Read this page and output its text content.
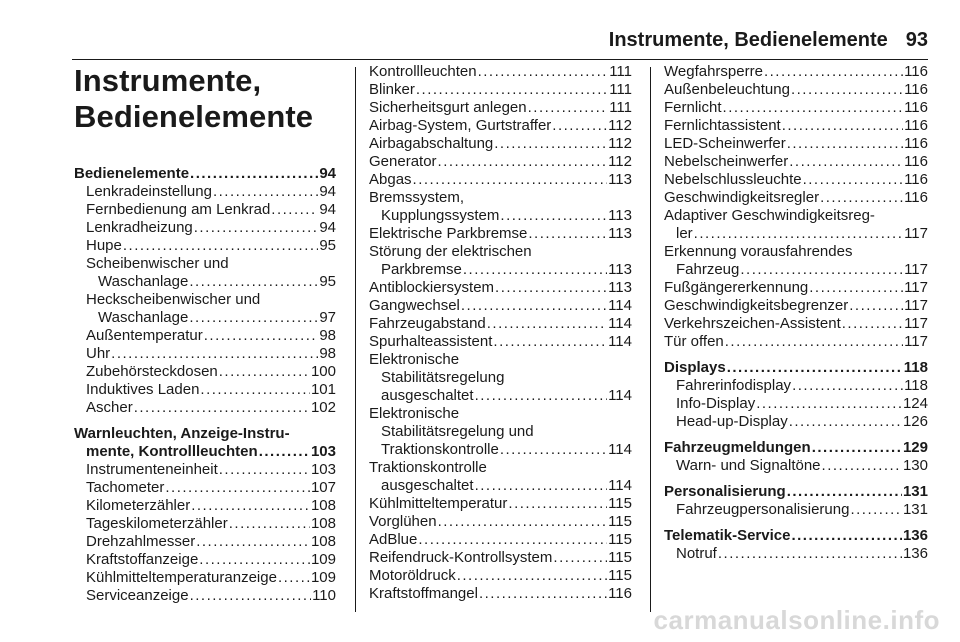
Instrumente, Bedienelemente 93
Instrumente,
Bedienelemente
Bedienelemente .....	94
Lenkradeinstellung .....	94
Fernbedienung am Lenkrad .....	94
Lenkradheizung .....	94
Hupe .....	95
Scheibenwischer und
Waschanlage .....	95
Heckscheibenwischer und
Waschanlage .....	97
Außentemperatur .....	98
Uhr .....	98
Zubehörsteckdosen .....	100
Induktives Laden .....	101
Ascher .....	102
Warnleuchten, Anzeige-Instru-
mente, Kontrollleuchten .....	103
Instrumenteneinheit .....	103
Tachometer .....	107
Kilometerzähler .....	108
Tageskilometerzähler .....	108
Drehzahlmesser .....	108
Kraftstoffanzeige .....	109
Kühlmitteltemperaturanzeige ..... 109
Serviceanzeige .....	110
Kontrollleuchten .....	111
Blinker .....	111
Sicherheitsgurt anlegen .....	111
Airbag-System, Gurtstraffer .....	112
Airbagabschaltung .....	112
Generator .....	112
Abgas .....	113
Bremssystem,
Kupplungssystem .....	113
Elektrische Parkbremse .....	113
Störung der elektrischen
Parkbremse .....	113
Antiblockiersystem .....	113
Gangwechsel .....	114
Fahrzeugabstand .....	114
Spurhalteassistent .....	114
Elektronische
Stabilitätsregelung
ausgeschaltet .....	114
Elektronische
Stabilitätsregelung und
Traktionskontrolle .....	114
Traktionskontrolle
ausgeschaltet .....	114
Kühlmitteltemperatur .....	115
Vorglühen .....	115
AdBlue .....	115
Reifendruck-Kontrollsystem .....	115
Motoröldruck .....	115
Kraftstoffmangel .....	116
Wegfahrsperre .....	116
Außenbeleuchtung .....	116
Fernlicht .....	116
Fernlichtassistent .....	116
LED-Scheinwerfer .....	116
Nebelscheinwerfer .....	116
Nebelschlussleuchte .....	116
Geschwindigkeitsregler .....	116
Adaptiver Geschwindigkeitsreg-
ler .....	117
Erkennung vorausfahrendes
Fahrzeug .....	117
Fußgängererkennung .....	117
Geschwindigkeitsbegrenzer .....	117
Verkehrszeichen-Assistent .....	117
Tür offen .....	117
Displays .....	118
Fahrerinfodisplay .....	118
Info-Display .....	124
Head-up-Display .....	126
Fahrzeugmeldungen .....	129
Warn- und Signaltöne .....	130
Personalisierung .....	131
Fahrzeugpersonalisierung .....	131
Telematik-Service .....	136
Notruf .....	136
carmanualsonline.info
